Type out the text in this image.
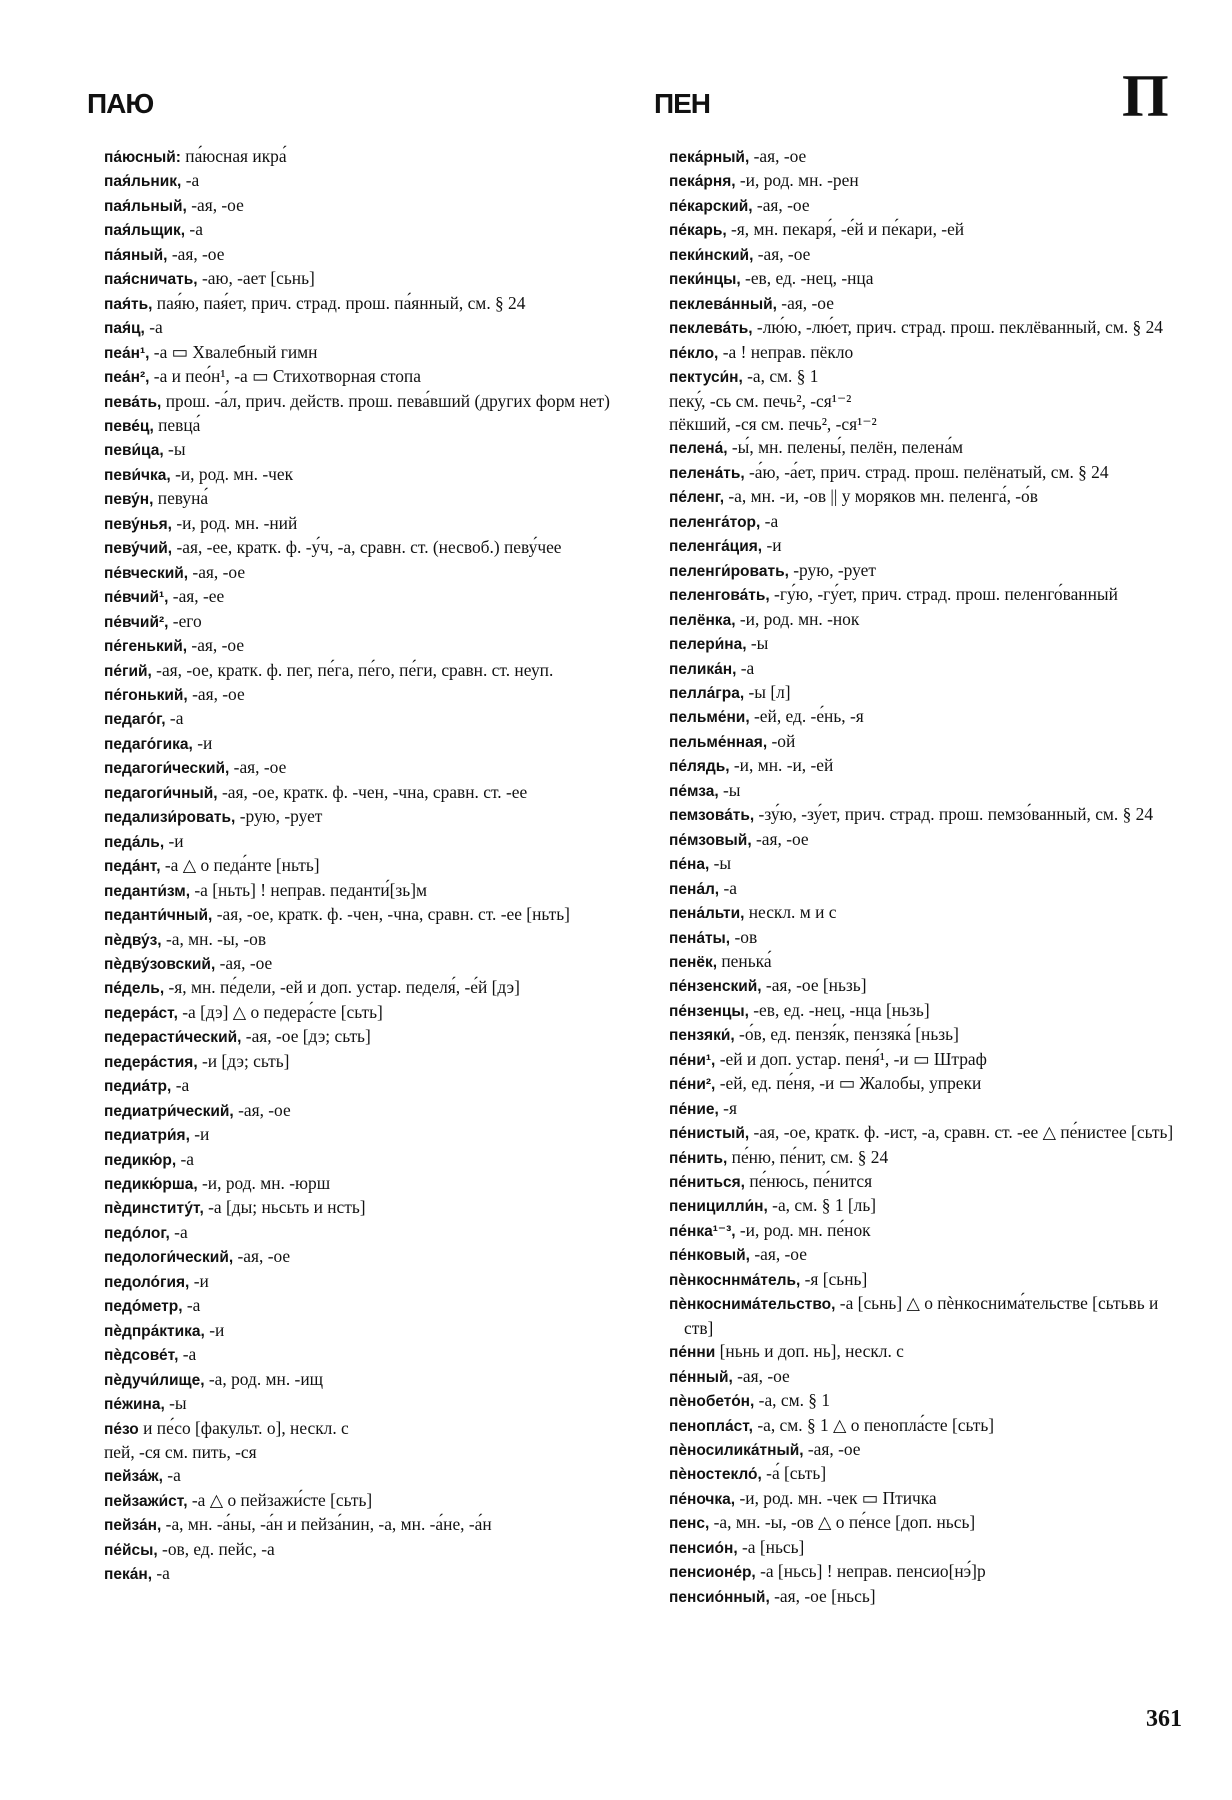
ПАЮ	ПЕН	П
па́юсный: па́юсная икра́
пая́льник, -а
пая́льный, -ая, -ое
пая́льщик, -а
па́яный, -ая, -ое
пая́сничать, -аю, -ает [сьнь]
пая́ть, пая́ю, пая́ет, прич. страд. прош. па́янный, см. § 24
пая́ц, -а
пеа́н¹, -а ▭ Хвалебный гимн
пеа́н², -а и пео́н¹, -а ▭ Стихотворная стопа
пева́ть, прош. -а́л, прич. действ. прош. пева́вший (других форм нет)
певе́ц, певца́
певи́ца, -ы
певи́чка, -и, род. мн. -чек
певу́н, певуна́
певу́нья, -и, род. мн. -ний
певу́чий, -ая, -ее, кратк. ф. -у́ч, -а, сравн. ст. (несвоб.) певу́чее
пе́вческий, -ая, -ое
пе́вчий¹, -ая, -ее
пе́вчий², -его
пе́генький, -ая, -ое
пе́гий, -ая, -ое, кратк. ф. пег, пе́га, пе́го, пе́ги, сравн. ст. неуп.
пе́гонький, -ая, -ое
педаго́г, -а
педаго́гика, -и
педагоги́ческий, -ая, -ое
педагоги́чный, -ая, -ое, кратк. ф. -чен, -чна, сравн. ст. -ее
педализи́ровать, -рую, -рует
педа́ль, -и
педа́нт, -а △ о педа́нте [ньть]
педанти́зм, -а [ньть] ! неправ. педанти́[зь]м
педанти́чный, -ая, -ое, кратк. ф. -чен, -чна, сравн. ст. -ее [ньть]
пѐдву́з, -а, мн. -ы, -ов
пѐдву́зовский, -ая, -ое
пе́дель, -я, мн. пе́дели, -ей и доп. устар. педеля́, -е́й [дэ]
педера́ст, -а [дэ] △ о педера́сте [сьть]
педерасти́ческий, -ая, -ое [дэ; сьть]
педера́стия, -и [дэ; сьть]
педиа́тр, -а
педиатри́ческий, -ая, -ое
педиатри́я, -и
педикю́р, -а
педикю́рша, -и, род. мн. -юрш
пѐдинститу́т, -а [ды; ньсьть и нсть]
педо́лог, -а
педологи́ческий, -ая, -ое
педоло́гия, -и
педо́метр, -а
пѐдпра́ктика, -и
пѐдсове́т, -а
пѐдучи́лище, -а, род. мн. -ищ
пе́жина, -ы
пе́зо и пе́со [факульт. о], нескл. с
пей, -ся см. пить, -ся
пейза́ж, -а
пейзажи́ст, -а △ о пейзажи́сте [сьть]
пейза́н, -а, мн. -а́ны, -а́н и пейза́нин, -а, мн. -а́не, -а́н
пе́йсы, -ов, ед. пейс, -а
пека́н, -а
пека́рный, -ая, -ое
пека́рня, -и, род. мн. -рен
пе́карский, -ая, -ое
пе́карь, -я, мн. пекаря́, -е́й и пе́кари, -ей
пеки́нский, -ая, -ое
пеки́нцы, -ев, ед. -нец, -нца
пеклева́нный, -ая, -ое
пеклева́ть, -лю́ю, -лю́ет, прич. страд. прош. пеклёванный, см. § 24
пе́кло, -а ! неправ. пёкло
пектуси́н, -а, см. § 1
пеку́, -сь см. печь², -ся¹⁻²
пёкший, -ся см. печь², -ся¹⁻²
пелена́, -ы́, мн. пелены́, пелён, пелена́м
пелена́ть, -а́ю, -а́ет, прич. страд. прош. пелёнатый, см. § 24
пе́ленг, -а, мн. -и, -ов || у моряков мн. пеленга́, -о́в
пеленга́тор, -а
пеленга́ция, -и
пеленги́ровать, -рую, -рует
пеленгова́ть, -гу́ю, -гу́ет, прич. страд. прош. пеленго́ванный
пелёнка, -и, род. мн. -нок
пелери́на, -ы
пелика́н, -а
пелла́гра, -ы [л]
пельме́ни, -ей, ед. -е́нь, -я
пельме́нная, -ой
пе́лядь, -и, мн. -и, -ей
пе́мза, -ы
пемзова́ть, -зу́ю, -зу́ет, прич. страд. прош. пемзо́ванный, см. § 24
пе́мзовый, -ая, -ое
пе́на, -ы
пена́л, -а
пена́льти, нескл. м и с
пена́ты, -ов
пенёк, пенька́
пе́нзенский, -ая, -ое [ньзь]
пе́нзенцы, -ев, ед. -нец, -нца [ньзь]
пензяки́, -о́в, ед. пензя́к, пензяка́ [ньзь]
пе́ни¹, -ей и доп. устар. пеня́¹, -и ▭ Штраф
пе́ни², -ей, ед. пе́ня, -и ▭ Жалобы, упреки
пе́ние, -я
пе́нистый, -ая, -ое, кратк. ф. -ист, -а, сравн. ст. -ее △ пе́нистее [сьть]
пе́нить, пе́ню, пе́нит, см. § 24
пе́ниться, пе́нюсь, пе́нится
пеницилли́н, -а, см. § 1 [ль]
пе́нка¹⁻³, -и, род. мн. пе́нок
пе́нковый, -ая, -ое
пѐнкосннма́тель, -я [сьнь]
пѐнкоснима́тельство, -а [сьнь] △ о пѐнкоснима́тельстве [сьтьвь и ств]
пе́нни [ньнь и доп. нь], нескл. с
пе́нный, -ая, -ое
пѐнобето́н, -а, см. § 1
пенопла́ст, -а, см. § 1 △ о пенопла́сте [сьть]
пѐносилика́тный, -ая, -ое
пѐностекло́, -а́ [сьть]
пе́ночка, -и, род. мн. -чек ▭ Птичка
пенс, -а, мн. -ы, -ов △ о пе́нсе [доп. ньсь]
пенсио́н, -а [ньсь]
пенсионе́р, -а [ньсь] ! неправ. пенсио[нэ́]р
пенсио́нный, -ая, -ое [ньсь]
361
